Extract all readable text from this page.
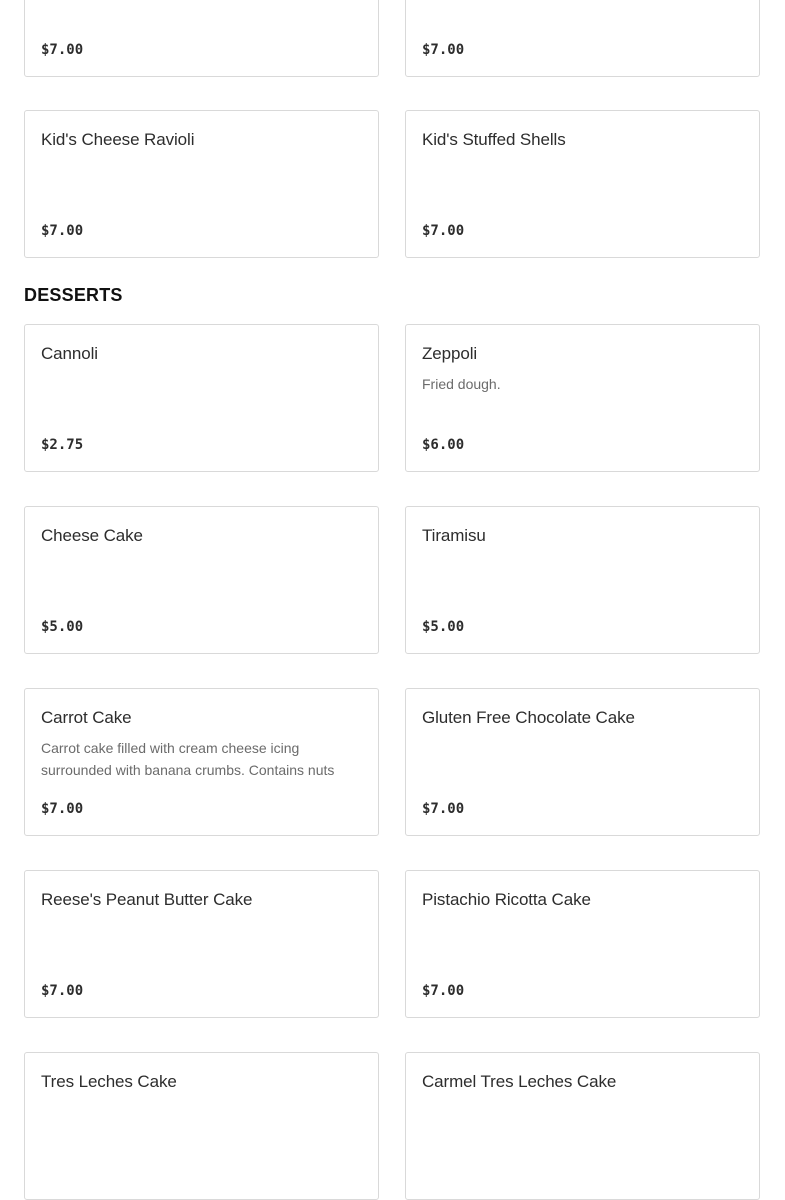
$7.00	$7.00
Kid's Cheese Ravioli
$7.00
Kid's Stuffed Shells
$7.00
DESSERTS
Cannoli
$2.75
Zeppoli
Fried dough.
$6.00
Cheese Cake
$5.00
Tiramisu
$5.00
Carrot Cake
Carrot cake filled with cream cheese icing surrounded with banana crumbs. Contains nuts
$7.00
Gluten Free Chocolate Cake
$7.00
Reese's Peanut Butter Cake
$7.00
Pistachio Ricotta Cake
$7.00
Tres Leches Cake	Carmel Tres Leches Cake
